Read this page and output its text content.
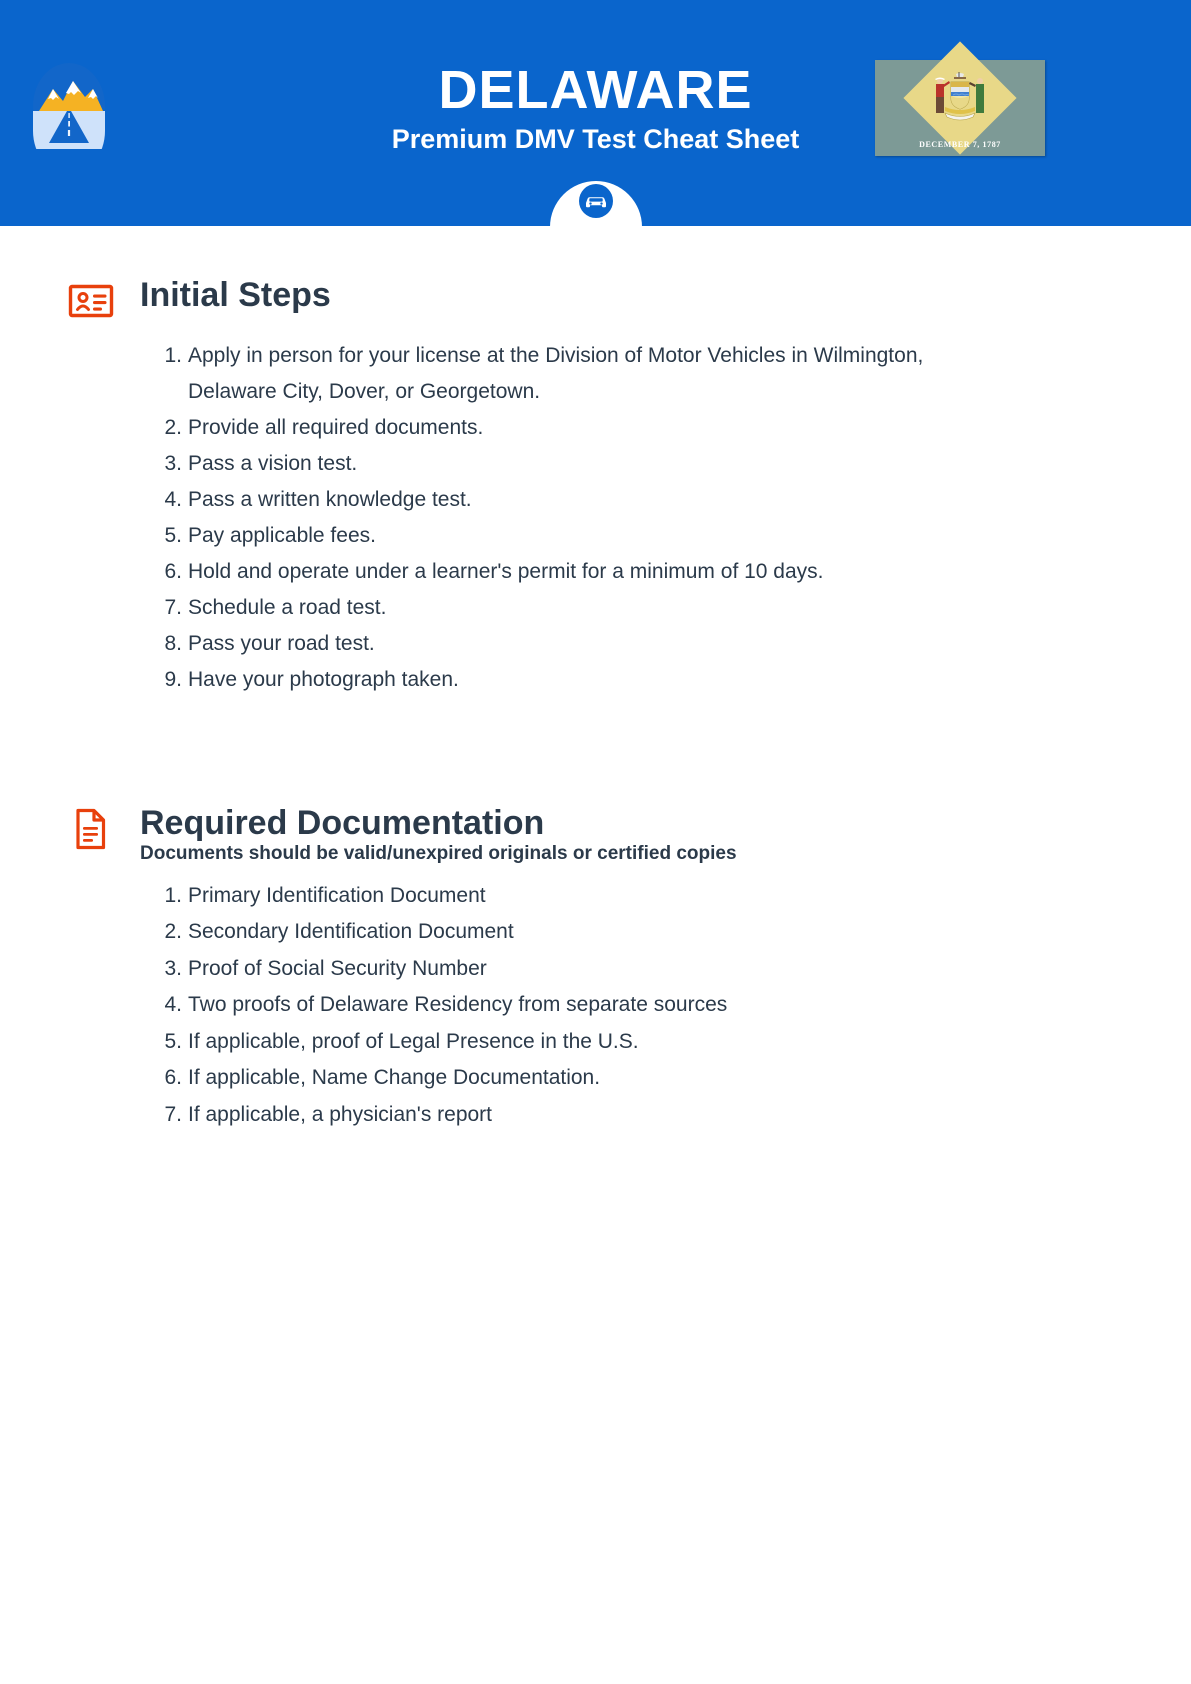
DELAWARE
Premium DMV Test Cheat Sheet	DECEMBER 7, 1787
Initial Steps
Apply in person for your license at the Division of Motor Vehicles in Wilmington, Delaware City, Dover, or Georgetown.
Provide all required documents.
Pass a vision test.
Pass a written knowledge test.
Pay applicable fees.
Hold and operate under a learner's permit for a minimum of 10 days.
Schedule a road test.
Pass your road test.
Have your photograph taken.
Required Documentation
Documents should be valid/unexpired originals or certified copies
Primary Identification Document
Secondary Identification Document
Proof of Social Security Number
Two proofs of Delaware Residency from separate sources
If applicable, proof of Legal Presence in the U.S.
If applicable, Name Change Documentation.
If applicable, a physician's report
